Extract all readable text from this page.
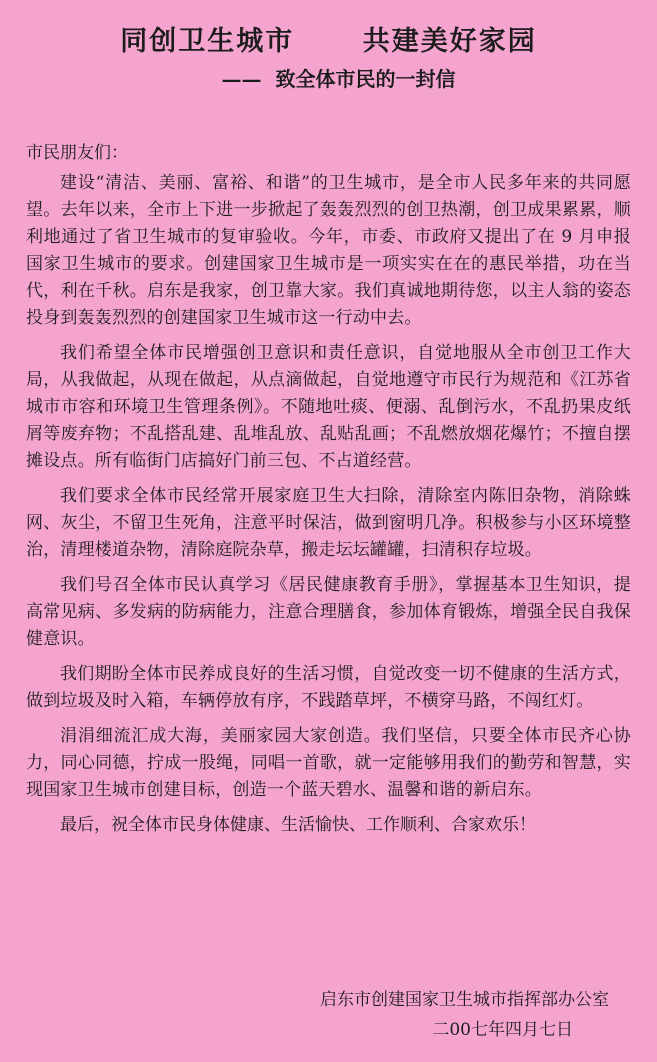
同创卫生城市      共建美好家园
——  致全体市民的一封信

市民朋友们：

建设“清洁、美丽、富裕、和谐”的卫生城市，是全市人民多年来的共同愿望。去年以来，全市上下进一步掀起了轰轰烈烈的创卫热潮，创卫成果累累，顺利地通过了省卫生城市的复审验收。今年，市委、市政府又提出了在 9 月申报国家卫生城市的要求。创建国家卫生城市是一项实实在在的惠民举措，功在当代，利在千秋。启东是我家，创卫靠大家。我们真诚地期待您，以主人翁的姿态投身到轰轰烈烈的创建国家卫生城市这一行动中去。

我们希望全体市民增强创卫意识和责任意识，自觉地服从全市创卫工作大局，从我做起，从现在做起，从点滴做起，自觉地遵守市民行为规范和《江苏省城市市容和环境卫生管理条例》。不随地吐痰、便溺、乱倒污水，不乱扔果皮纸屑等废弃物；不乱搭乱建、乱堆乱放、乱贴乱画；不乱燃放烟花爆竹；不擅自摆摊设点。所有临街门店搞好门前三包、不占道经营。

我们要求全体市民经常开展家庭卫生大扫除，清除室内陈旧杂物，消除蛛网、灰尘，不留卫生死角，注意平时保洁，做到窗明几净。积极参与小区环境整治，清理楼道杂物，清除庭院杂草，搬走坛坛罐罐，扫清积存垃圾。

我们号召全体市民认真学习《居民健康教育手册》，掌握基本卫生知识，提高常见病、多发病的防病能力，注意合理膳食，参加体育锻炼，增强全民自我保健意识。

我们期盼全体市民养成良好的生活习惯，自觉改变一切不健康的生活方式，做到垃圾及时入箱，车辆停放有序，不践踏草坪，不横穿马路，不闯红灯。

涓涓细流汇成大海，美丽家园大家创造。我们坚信，只要全体市民齐心协力，同心同德，拧成一股绳，同唱一首歌，就一定能够用我们的勤劳和智慧，实现国家卫生城市创建目标，创造一个蓝天碧水、温馨和谐的新启东。

最后，祝全体市民身体健康、生活愉快、工作顺利、合家欢乐！

启东市创建国家卫生城市指挥部办公室
二00七年四月七日
